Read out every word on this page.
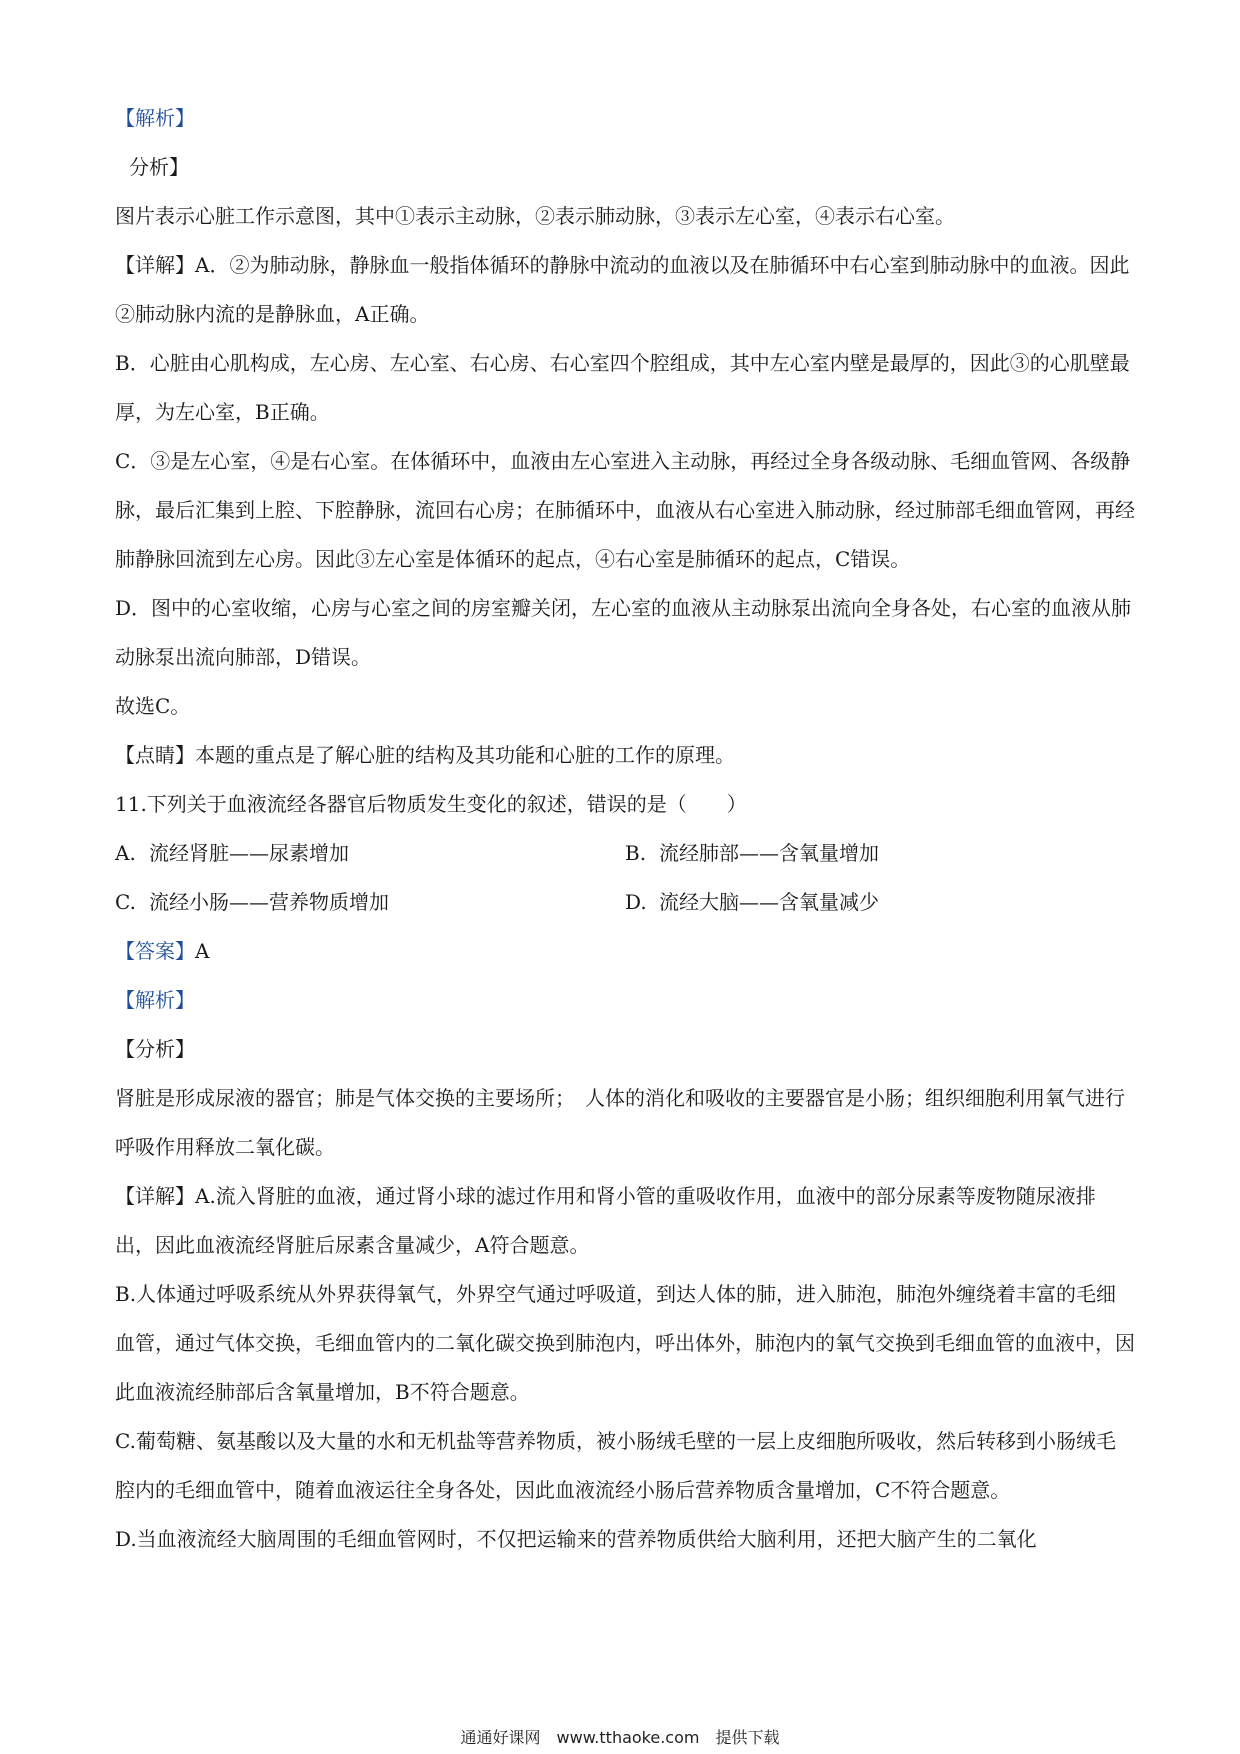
【解析】

分析】

图片表示心脏工作示意图，其中①表示主动脉，②表示肺动脉，③表示左心室，④表示右心室。

【详解】A．②为肺动脉，静脉血一般指体循环的静脉中流动的血液以及在肺循环中右心室到肺动脉中的血液。因此②肺动脉内流的是静脉血，A正确。

B．心脏由心肌构成，左心房、左心室、右心房、右心室四个腔组成，其中左心室内壁是最厚的，因此③的心肌壁最厚，为左心室，B正确。

C．③是左心室，④是右心室。在体循环中，血液由左心室进入主动脉，再经过全身各级动脉、毛细血管网、各级静脉，最后汇集到上腔、下腔静脉，流回右心房；在肺循环中，血液从右心室进入肺动脉，经过肺部毛细血管网，再经肺静脉回流到左心房。因此③左心室是体循环的起点，④右心室是肺循环的起点，C错误。

D．图中的心室收缩，心房与心室之间的房室瓣关闭，左心室的血液从主动脉泵出流向全身各处，右心室的血液从肺动脉泵出流向肺部，D错误。

故选C。

【点睛】本题的重点是了解心脏的结构及其功能和心脏的工作的原理。

11.下列关于血液流经各器官后物质发生变化的叙述，错误的是（　　）

A. 流经肾脏——尿素增加	B. 流经肺部——含氧量增加
C. 流经小肠——营养物质增加	D. 流经大脑——含氧量减少

【答案】A

【解析】

【分析】

肾脏是形成尿液的器官；肺是气体交换的主要场所；　人体的消化和吸收的主要器官是小肠；组织细胞利用氧气进行呼吸作用释放二氧化碳。

【详解】A.流入肾脏的血液，通过肾小球的滤过作用和肾小管的重吸收作用，血液中的部分尿素等废物随尿液排出，因此血液流经肾脏后尿素含量减少，A符合题意。

B.人体通过呼吸系统从外界获得氧气，外界空气通过呼吸道，到达人体的肺，进入肺泡，肺泡外缠绕着丰富的毛细血管，通过气体交换，毛细血管内的二氧化碳交换到肺泡内，呼出体外，肺泡内的氧气交换到毛细血管的血液中，因此血液流经肺部后含氧量增加，B不符合题意。

C.葡萄糖、氨基酸以及大量的水和无机盐等营养物质，被小肠绒毛壁的一层上皮细胞所吸收，然后转移到小肠绒毛腔内的毛细血管中，随着血液运往全身各处，因此血液流经小肠后营养物质含量增加，C不符合题意。

D.当血液流经大脑周围的毛细血管网时，不仅把运输来的营养物质供给大脑利用，还把大脑产生的二氧化

通通好课网　www.tthaoke.com　提供下载
